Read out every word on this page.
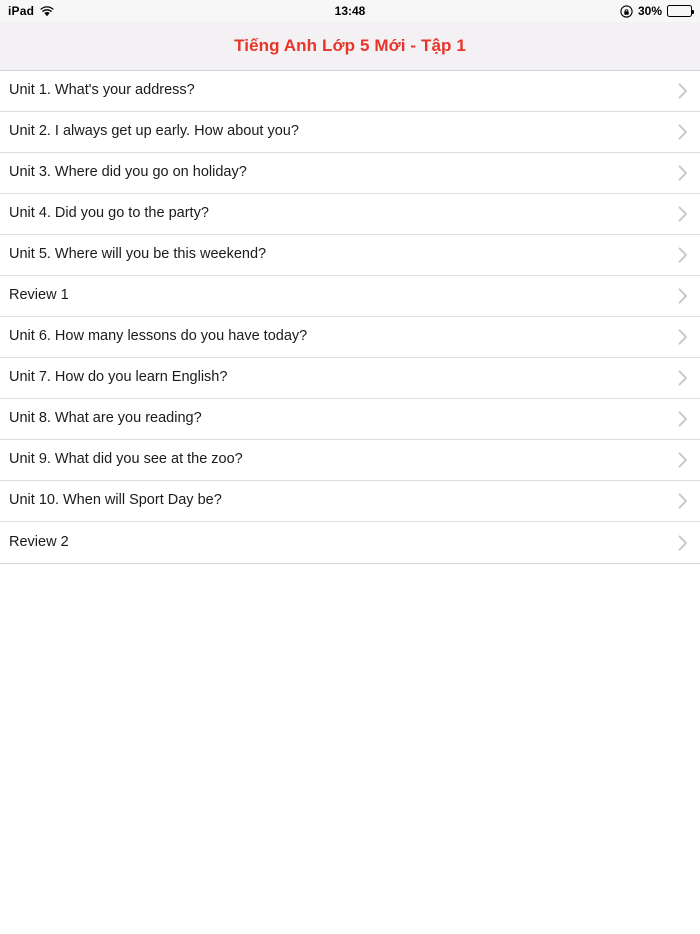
iPad	13:48	30%
Tiếng Anh Lớp 5 Mới - Tập 1
Unit 1. What's your address?
Unit 2. I always get up early. How about you?
Unit 3. Where did you go on holiday?
Unit 4. Did you go to the party?
Unit 5. Where will you be this weekend?
Review 1
Unit 6. How many lessons do you have today?
Unit 7. How do you learn English?
Unit 8. What are you reading?
Unit 9. What did you see at the zoo?
Unit 10. When will Sport Day be?
Review 2
